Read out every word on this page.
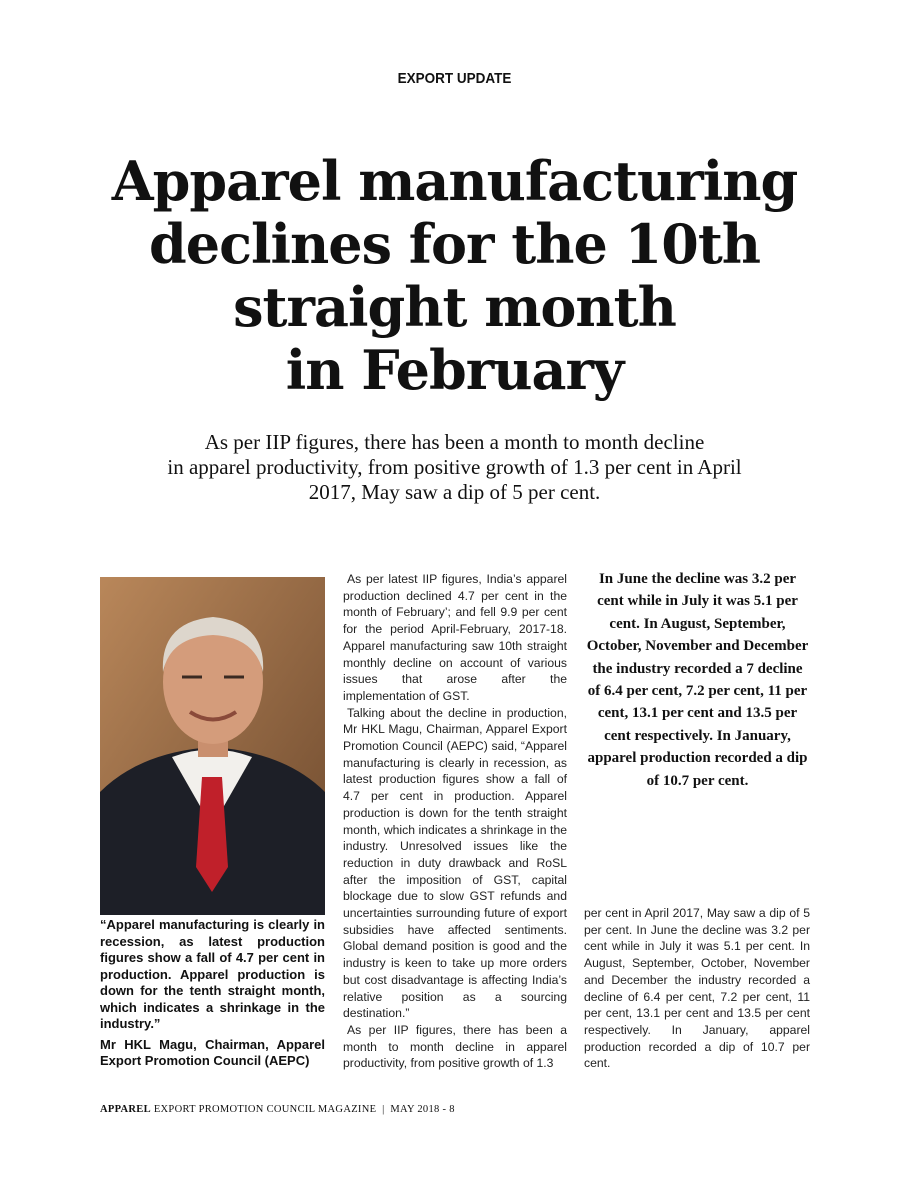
EXPORT UPDATE
Apparel manufacturing
declines for the 10th
straight month
in February
As per IIP figures, there has been a month to month decline
in apparel productivity, from positive growth of 1.3 per cent in April
2017, May saw a dip of 5 per cent.

“Apparel manufacturing is clearly in recession, as latest production figures show a fall of 4.7 per cent in production. Apparel production is down for the tenth straight month, which indicates a shrinkage in the industry.”

Mr HKL Magu, Chairman, Apparel Export Promotion Council (AEPC)

As per latest IIP figures, India’s apparel production declined 4.7 per cent in the month of February’; and fell 9.9 per cent for the period April-February, 2017-18. Apparel manufacturing saw 10th straight monthly decline on account of various issues that arose after the implementation of GST.

Talking about the decline in production, Mr HKL Magu, Chairman, Apparel Export Promotion Council (AEPC) said, “Apparel manufacturing is clearly in recession, as latest production figures show a fall of 4.7 per cent in production. Apparel production is down for the tenth straight month, which indicates a shrinkage in the industry. Unresolved issues like the reduction in duty drawback and RoSL after the imposition of GST, capital blockage due to slow GST refunds and uncertainties surrounding future of export subsidies have affected sentiments. Global demand position is good and the industry is keen to take up more orders but cost disadvantage is affecting India’s relative position as a sourcing destination.”

As per IIP figures, there has been a month to month decline in apparel productivity, from positive growth of 1.3

In June the decline was 3.2 per cent while in July it was 5.1 per cent. In August, September, October, November and December the industry recorded a 7 decline of 6.4 per cent, 7.2 per cent, 11 per cent, 13.1 per cent and 13.5 per cent respectively. In January, apparel production recorded a dip of 10.7 per cent.

per cent in April 2017, May saw a dip of 5 per cent. In June the decline was 3.2 per cent while in July it was 5.1 per cent. In August, September, October, November and December the industry recorded a decline of 6.4 per cent, 7.2 per cent, 11 per cent, 13.1 per cent and 13.5 per cent respectively. In January, apparel production recorded a dip of 10.7 per cent.

APPAREL EXPORT PROMOTION COUNCIL MAGAZINE  |  MAY 2018 - 8
